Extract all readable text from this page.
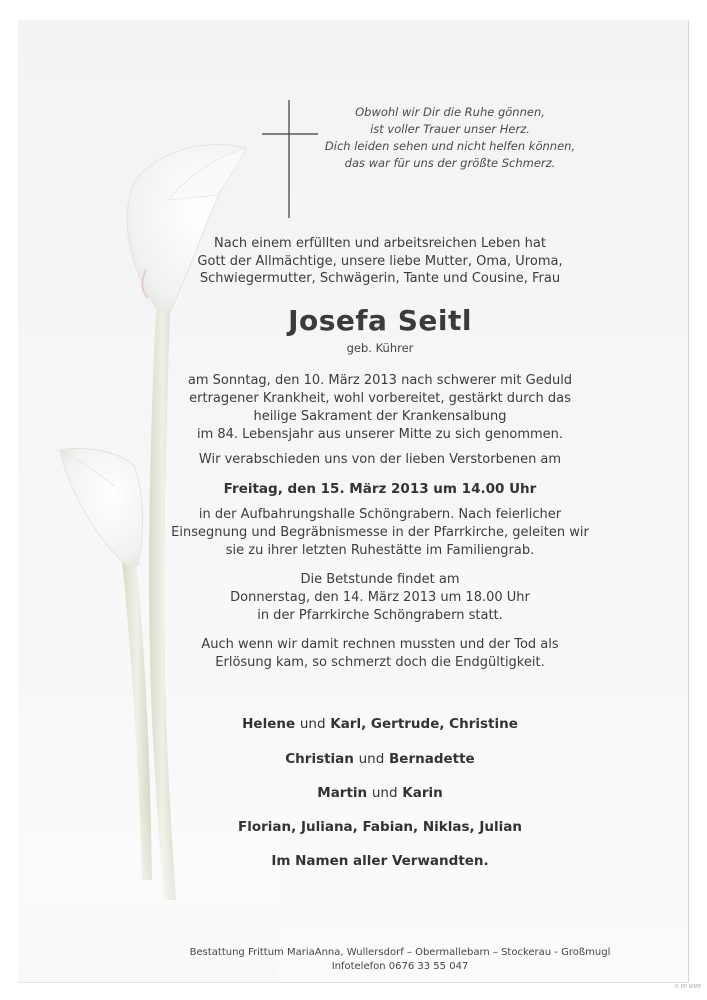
Obwohl wir Dir die Ruhe gönnen,
ist voller Trauer unser Herz.
Dich leiden sehen und nicht helfen können,
das war für uns der größte Schmerz.
Nach einem erfüllten und arbeitsreichen Leben hat
Gott der Allmächtige, unsere liebe Mutter, Oma, Uroma,
Schwiegermutter, Schwägerin, Tante und Cousine, Frau
Josefa Seitl
geb. Kührer
am Sonntag, den 10. März 2013 nach schwerer mit Geduld
ertragener Krankheit, wohl vorbereitet, gestärkt durch das
heilige Sakrament der Krankensalbung
im 84. Lebensjahr aus unserer Mitte zu sich genommen.
Wir verabschieden uns von der lieben Verstorbenen am
Freitag, den 15. März 2013 um 14.00 Uhr
in der Aufbahrungshalle Schöngrabern. Nach feierlicher
Einsegnung und Begräbnismesse in der Pfarrkirche, geleiten wir
sie zu ihrer letzten Ruhestätte im Familiengrab.
Die Betstunde findet am
Donnerstag, den 14. März 2013 um 18.00 Uhr
in der Pfarrkirche Schöngrabern statt.
Auch wenn wir damit rechnen mussten und der Tod als
Erlösung kam, so schmerzt doch die Endgültigkeit.
Helene und Karl, Gertrude, Christine
Christian und Bernadette
Martin und Karin
Florian, Juliana, Fabian, Niklas, Julian
Im Namen aller Verwandten.
Bestattung Frittum MariaAnna, Wullersdorf – Obermallebarn – Stockerau - Großmugl
Infotelefon 0676 33 55 047
© EP WM8
